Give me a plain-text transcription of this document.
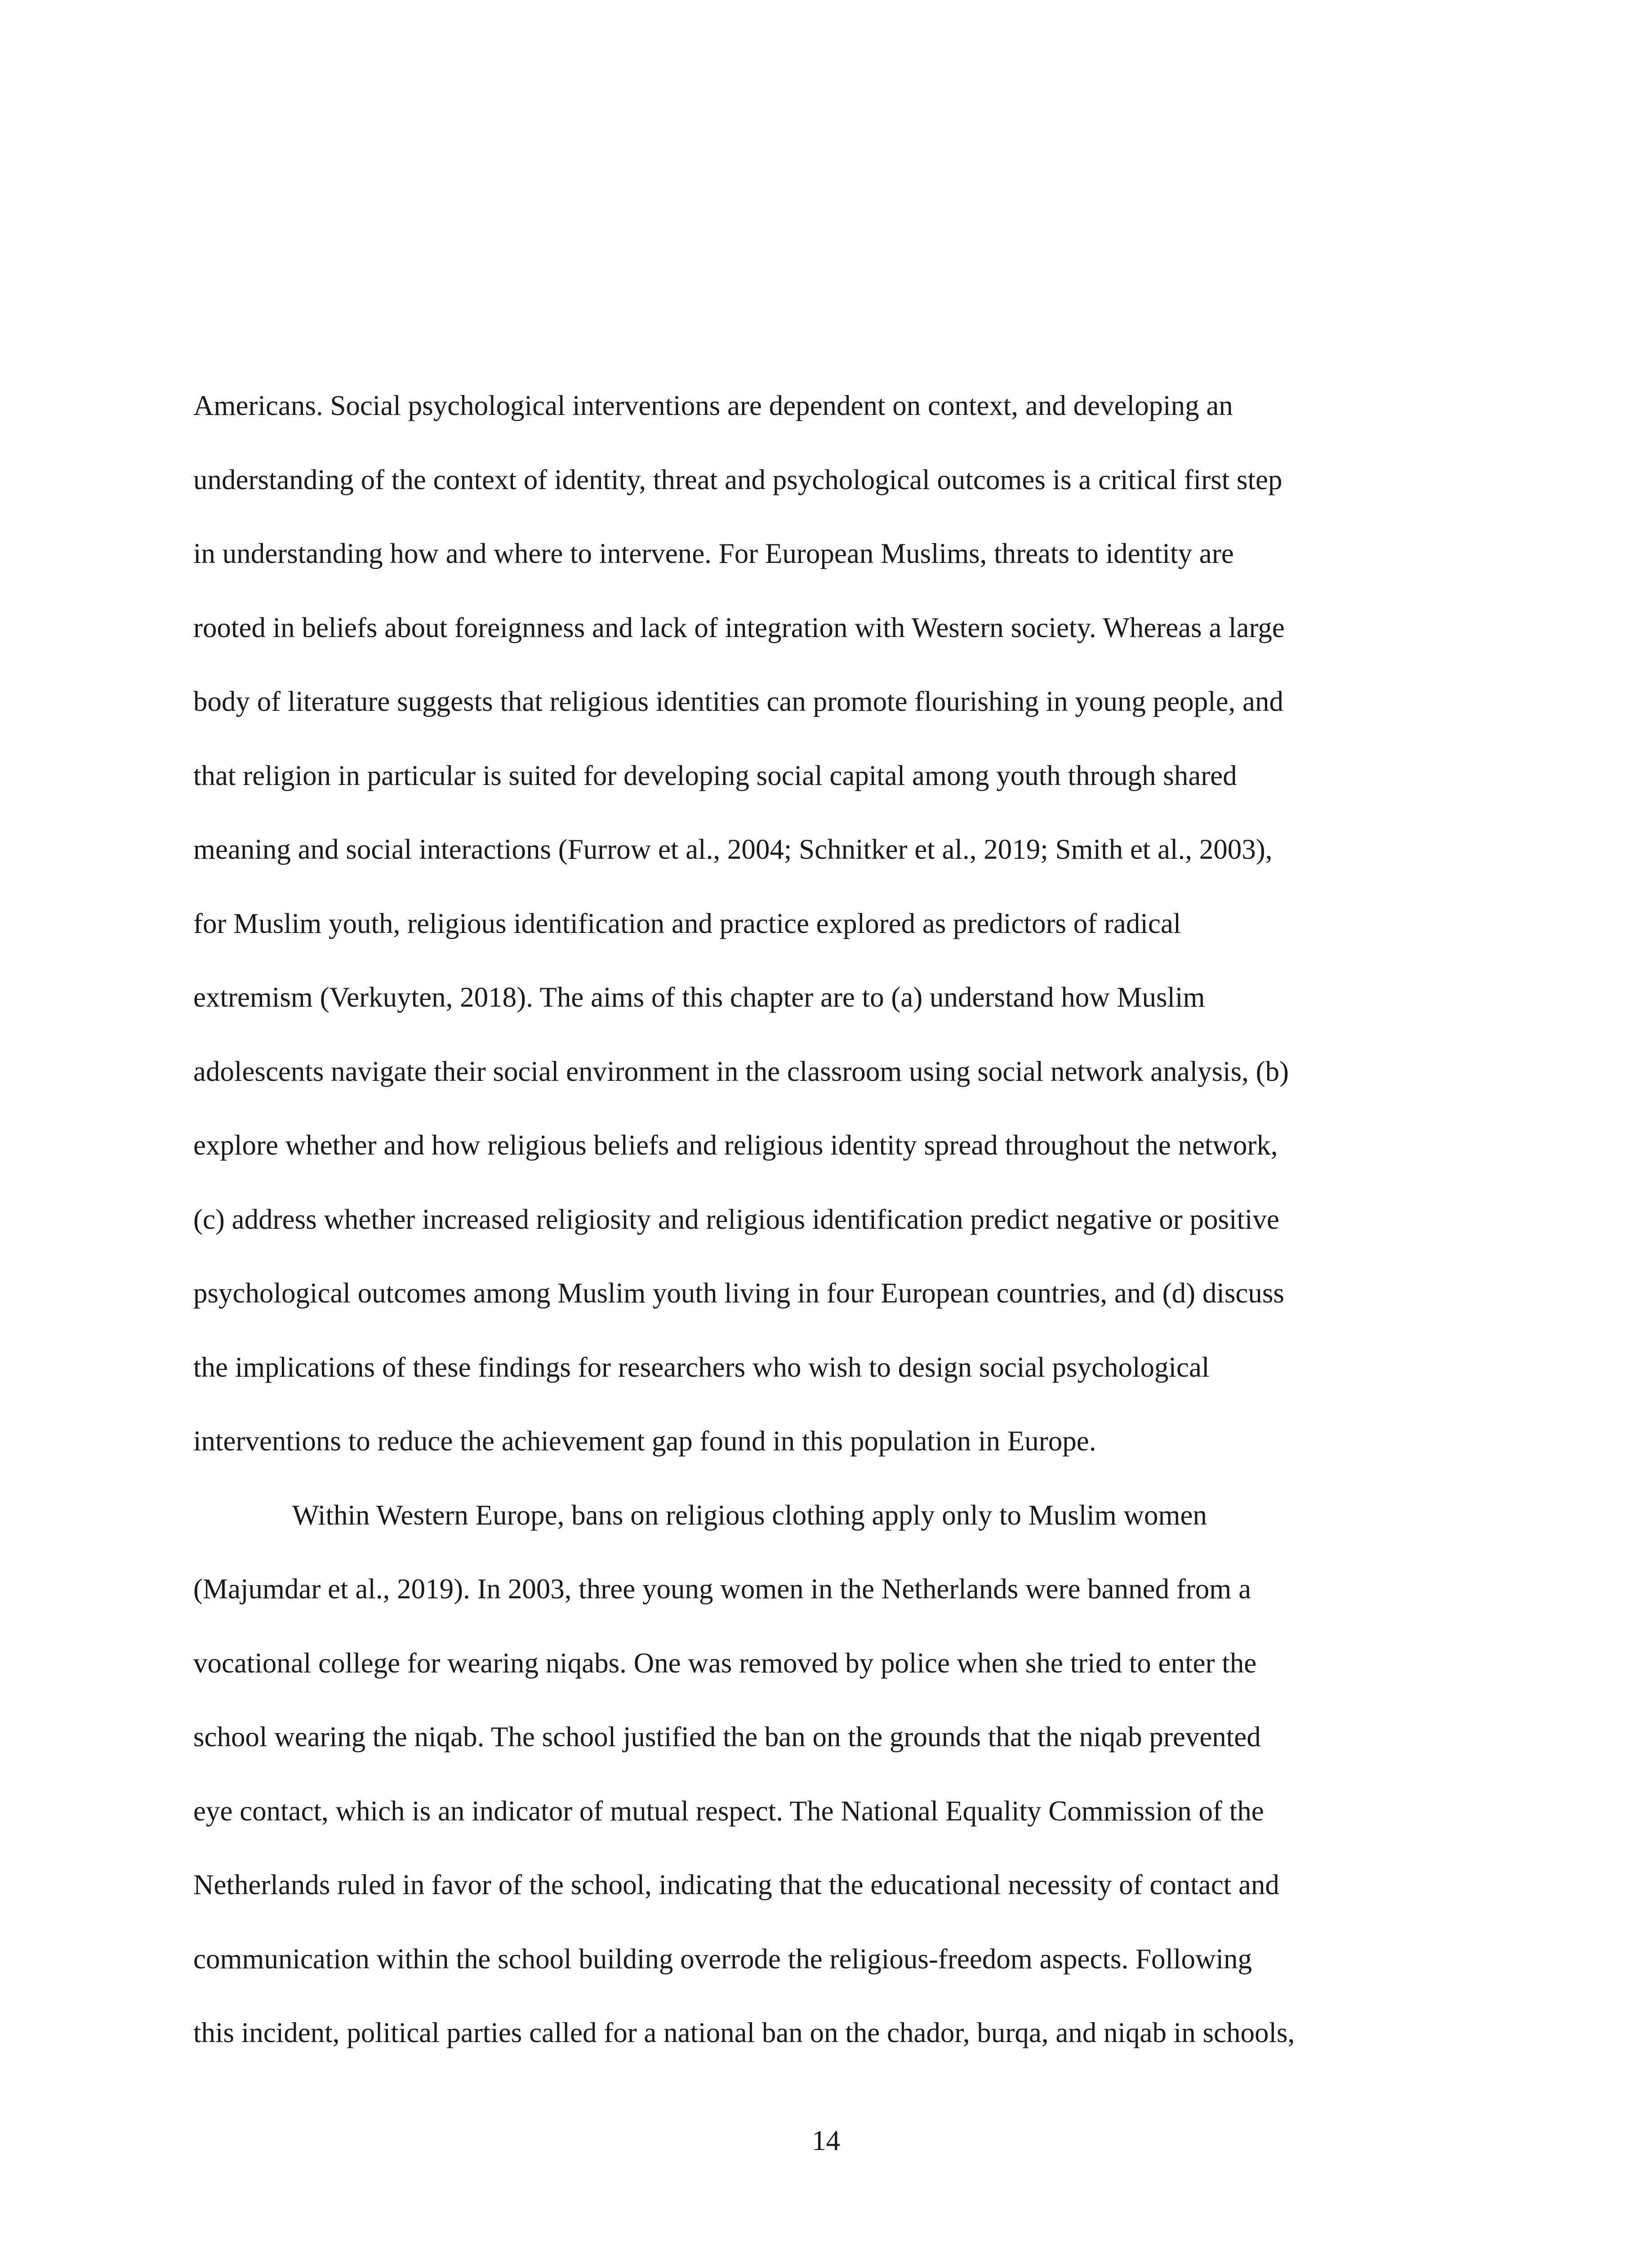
Americans. Social psychological interventions are dependent on context, and developing an
understanding of the context of identity, threat and psychological outcomes is a critical first step
in understanding how and where to intervene. For European Muslims, threats to identity are
rooted in beliefs about foreignness and lack of integration with Western society. Whereas a large
body of literature suggests that religious identities can promote flourishing in young people, and
that religion in particular is suited for developing social capital among youth through shared
meaning and social interactions (Furrow et al., 2004; Schnitker et al., 2019; Smith et al., 2003),
for Muslim youth, religious identification and practice explored as predictors of radical
extremism (Verkuyten, 2018). The aims of this chapter are to (a) understand how Muslim
adolescents navigate their social environment in the classroom using social network analysis, (b)
explore whether and how religious beliefs and religious identity spread throughout the network,
(c) address whether increased religiosity and religious identification predict negative or positive
psychological outcomes among Muslim youth living in four European countries, and (d) discuss
the implications of these findings for researchers who wish to design social psychological
interventions to reduce the achievement gap found in this population in Europe.
Within Western Europe, bans on religious clothing apply only to Muslim women
(Majumdar et al., 2019). In 2003, three young women in the Netherlands were banned from a
vocational college for wearing niqabs. One was removed by police when she tried to enter the
school wearing the niqab. The school justified the ban on the grounds that the niqab prevented
eye contact, which is an indicator of mutual respect. The National Equality Commission of the
Netherlands ruled in favor of the school, indicating that the educational necessity of contact and
communication within the school building overrode the religious-freedom aspects. Following
this incident, political parties called for a national ban on the chador, burqa, and niqab in schools,
14
